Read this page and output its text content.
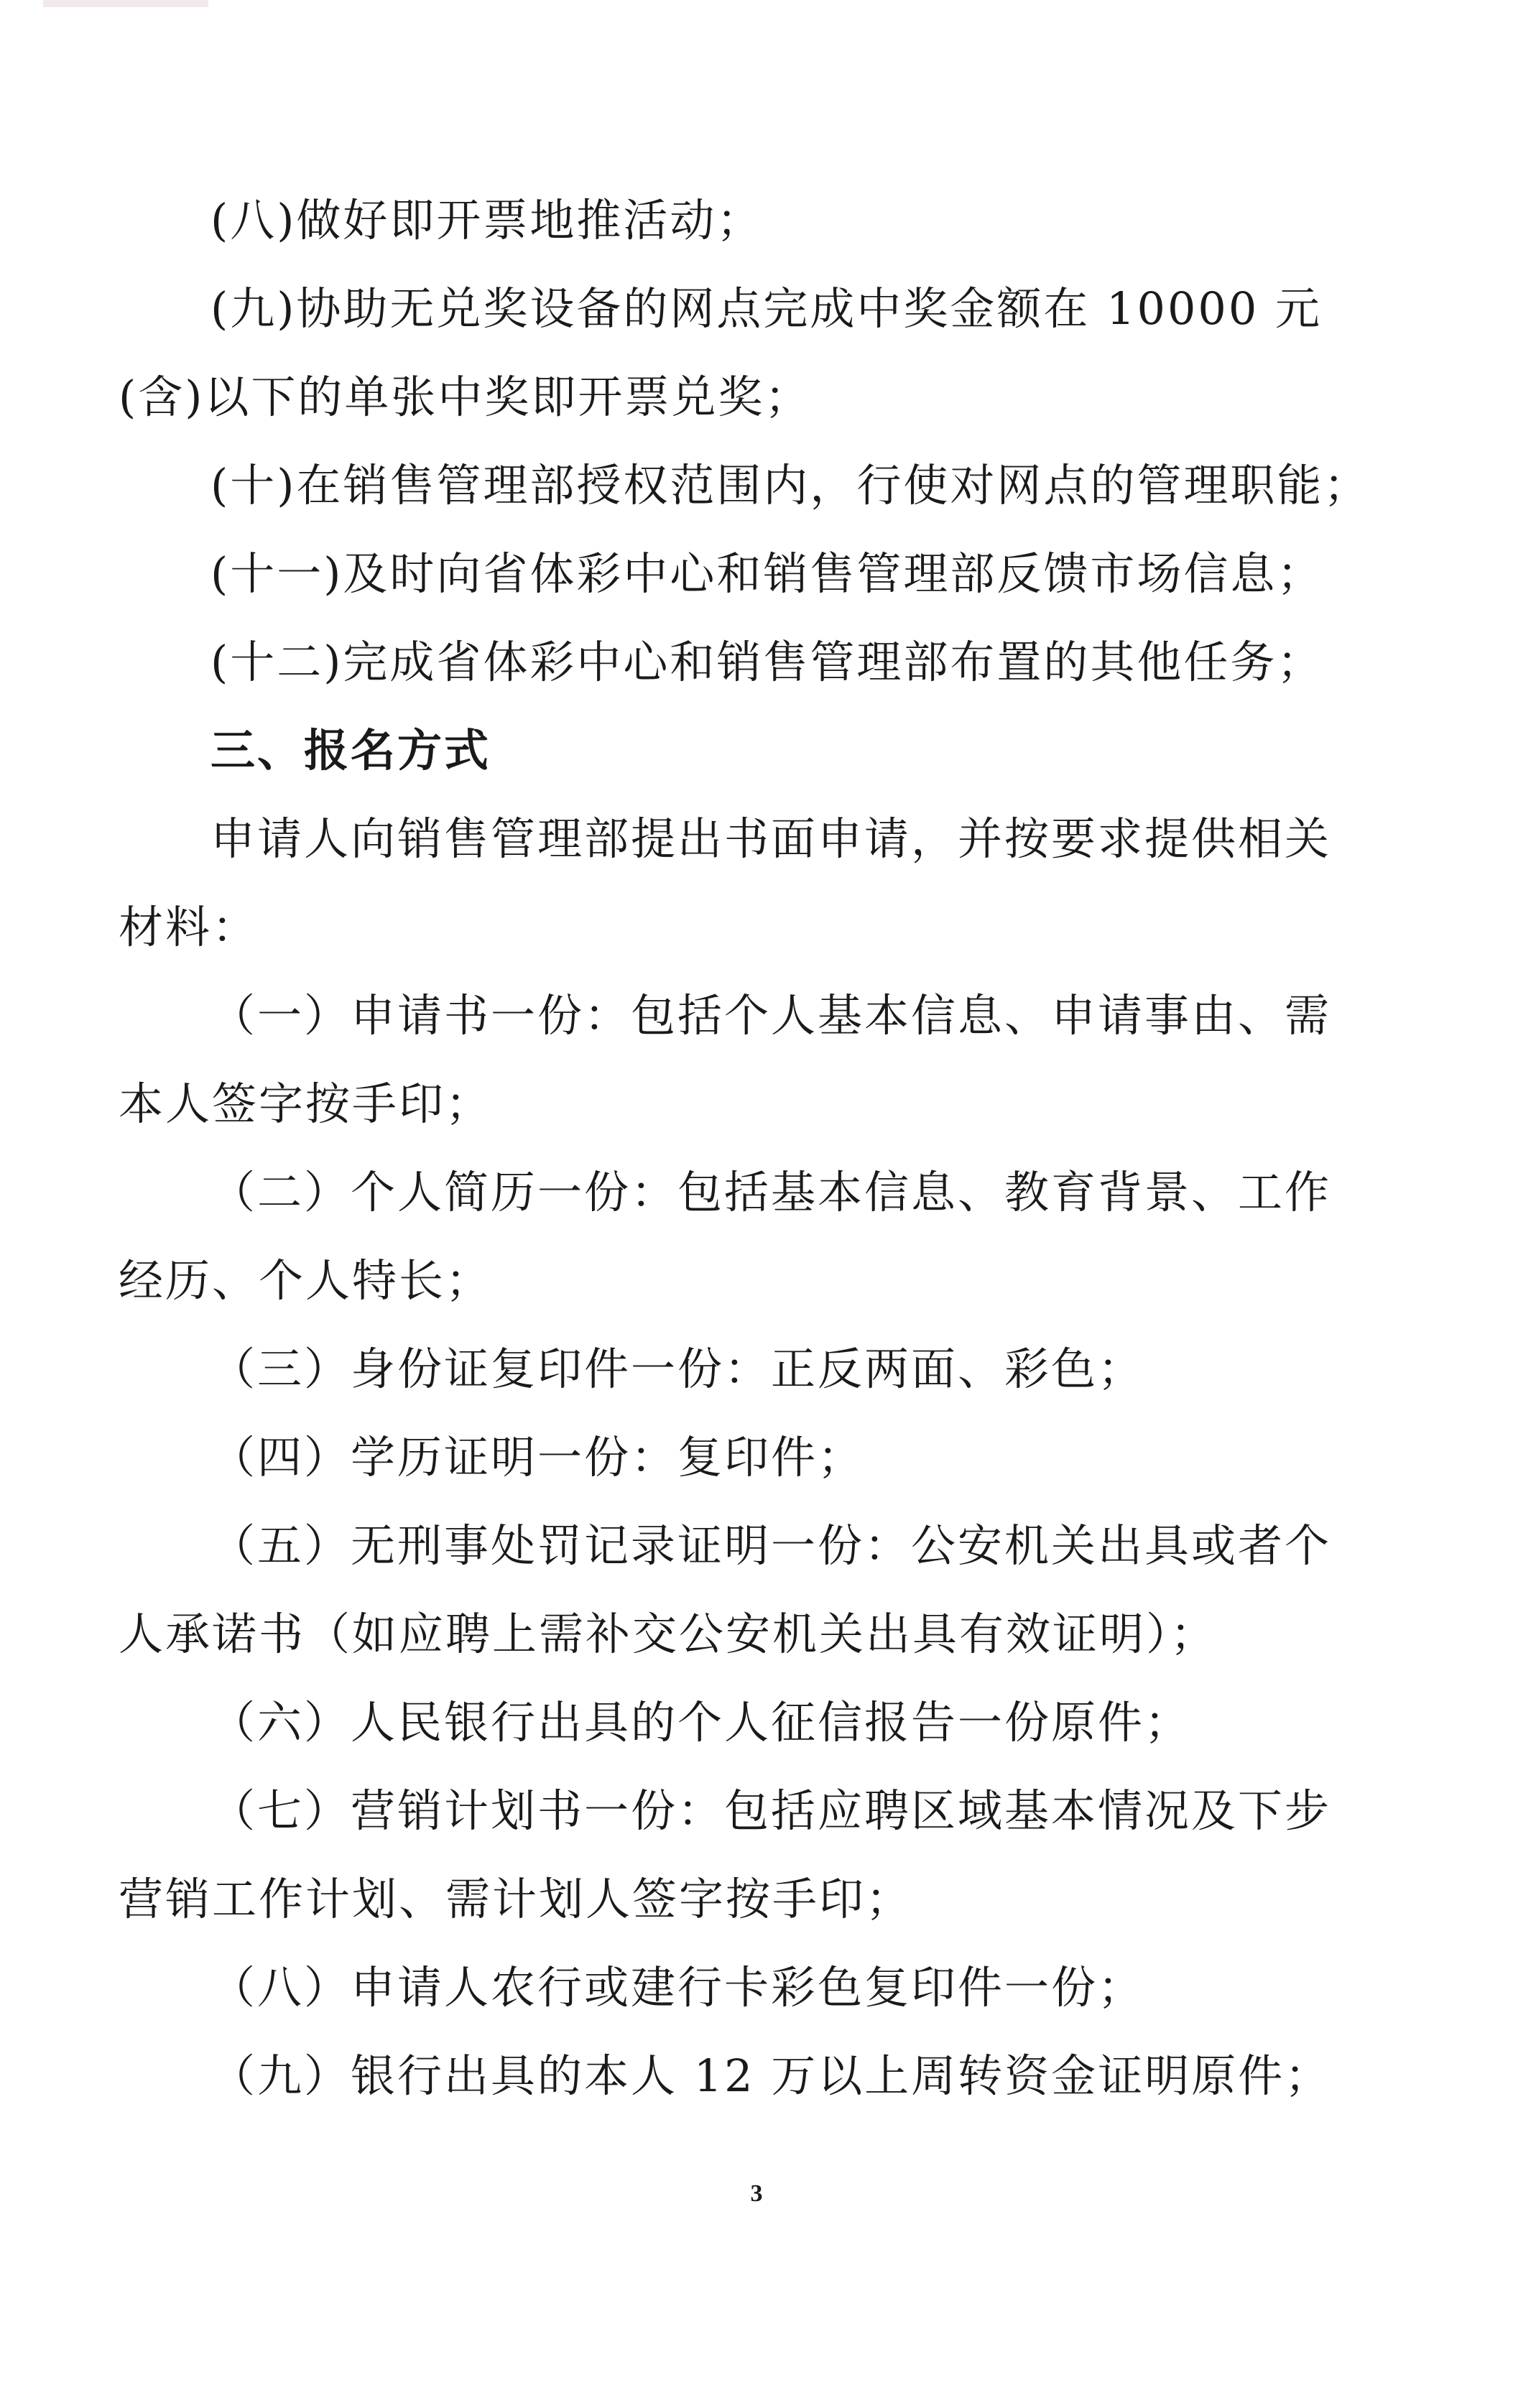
(八)做好即开票地推活动；

(九)协助无兑奖设备的网点完成中奖金额在 10000 元

(含)以下的单张中奖即开票兑奖；

(十)在销售管理部授权范围内，行使对网点的管理职能；

(十一)及时向省体彩中心和销售管理部反馈市场信息；

(十二)完成省体彩中心和销售管理部布置的其他任务；

三、报名方式

申请人向销售管理部提出书面申请，并按要求提供相关

材料：

（一）申请书一份：包括个人基本信息、申请事由、需

本人签字按手印；

（二）个人简历一份：包括基本信息、教育背景、工作

经历、个人特长；

（三）身份证复印件一份：正反两面、彩色；

（四）学历证明一份：复印件；

（五）无刑事处罚记录证明一份：公安机关出具或者个

人承诺书（如应聘上需补交公安机关出具有效证明）；

（六）人民银行出具的个人征信报告一份原件；

（七）营销计划书一份：包括应聘区域基本情况及下步

营销工作计划、需计划人签字按手印；

（八）申请人农行或建行卡彩色复印件一份；

（九）银行出具的本人 12 万以上周转资金证明原件；

3
